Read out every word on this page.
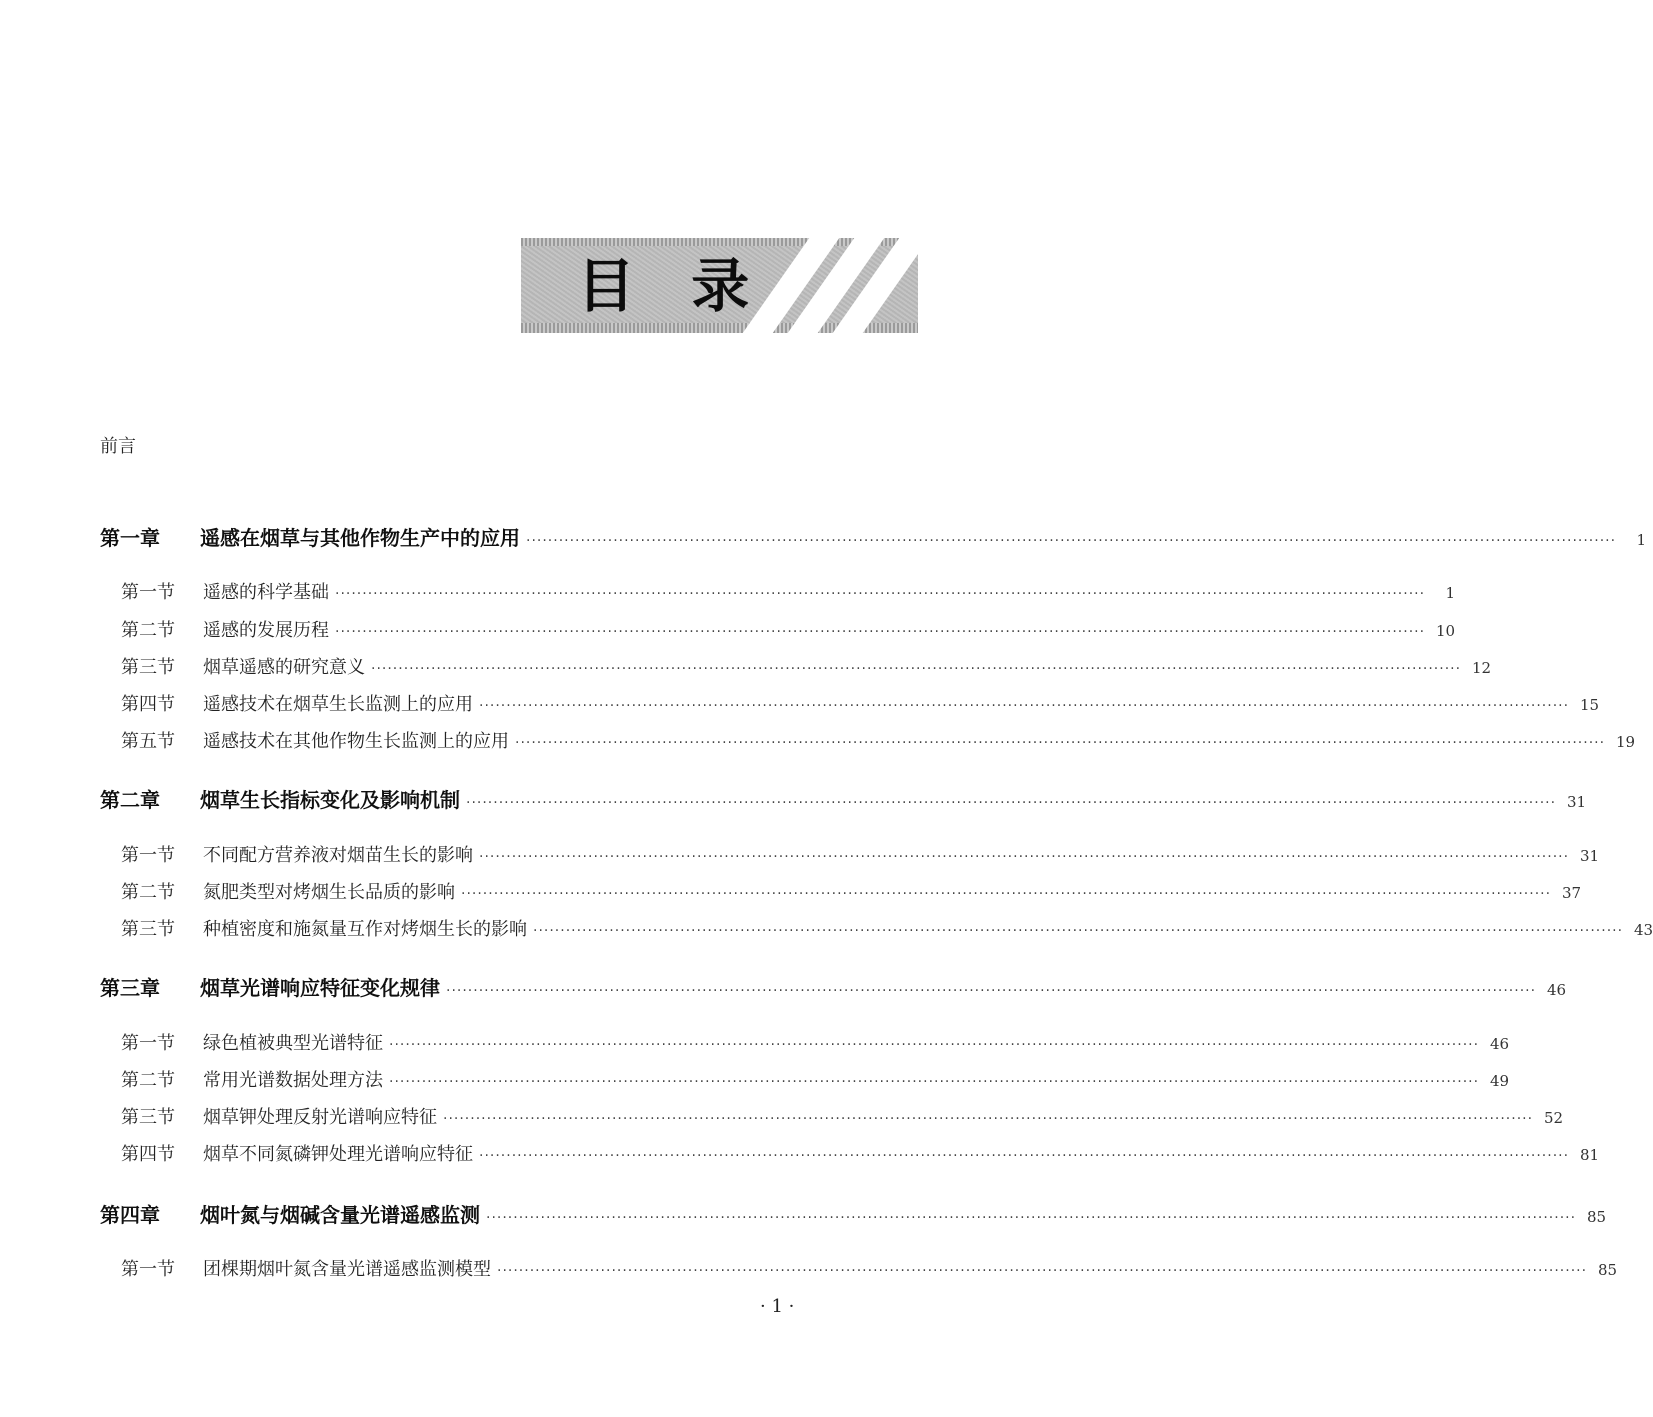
目 录
前言
第一章	遥感在烟草与其他作物生产中的应用 ········································································································································································································	1
第一节	遥感的科学基础 ········································································································································································································	1
第二节	遥感的发展历程 ········································································································································································································ 10
第三节	烟草遥感的研究意义 ········································································································································································································ 12
第四节	遥感技术在烟草生长监测上的应用 ········································································································································································································ 15
第五节	遥感技术在其他作物生长监测上的应用 ········································································································································································································ 19
第二章	烟草生长指标变化及影响机制 ········································································································································································································ 31
第一节	不同配方营养液对烟苗生长的影响 ········································································································································································································ 31
第二节	氮肥类型对烤烟生长品质的影响 ········································································································································································································ 37
第三节	种植密度和施氮量互作对烤烟生长的影响 ········································································································································································································ 43
第三章	烟草光谱响应特征变化规律 ········································································································································································································ 46
第一节	绿色植被典型光谱特征 ········································································································································································································ 46
第二节	常用光谱数据处理方法 ········································································································································································································ 49
第三节	烟草钾处理反射光谱响应特征 ········································································································································································································ 52
第四节	烟草不同氮磷钾处理光谱响应特征 ········································································································································································································ 81
第四章	烟叶氮与烟碱含量光谱遥感监测 ········································································································································································································ 85
第一节	团棵期烟叶氮含量光谱遥感监测模型 ········································································································································································································ 85
· 1 ·
